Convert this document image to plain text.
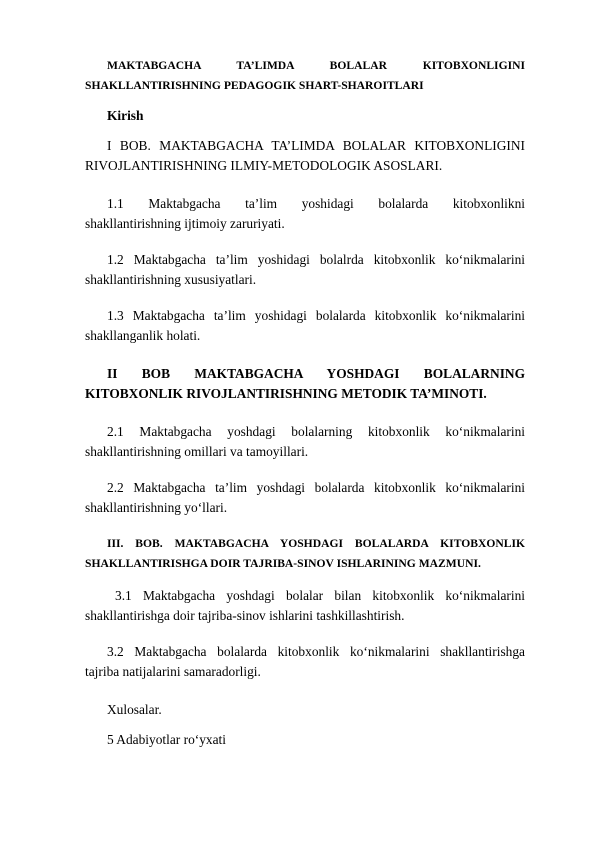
MAKTABGACHA TA’LIMDA BOLALAR KITOBXONLIGINI
SHAKLLANTIRISHNING PEDAGOGIK SHART-SHAROITLARI

Kirish

I BOB. MAKTABGACHA TA’LIMDA BOLALAR KITOBXONLIGINI
RIVOJLANTIRISHNING ILMIY-METODOLOGIK ASOSLARI.
1.1 Maktabgacha ta’lim yoshidagi bolalarda kitobxonlikni
shakllantirishning ijtimoiy zaruriyati.
1.2 Maktabgacha ta’lim yoshidagi bolalrda kitobxonlik ko‘nikmalarini
shakllantirishning xususiyatlari.
1.3 Maktabgacha ta’lim yoshidagi bolalarda kitobxonlik ko‘nikmalarini
shakllanganlik holati.
II BOB MAKTABGACHA YOSHDAGI BOLALARNING
KITOBXONLIK RIVOJLANTIRISHNING METODIK TA’MINOTI.
2.1 Maktabgacha yoshdagi bolalarning kitobxonlik ko‘nikmalarini
shakllantirishning omillari va tamoyillari.
2.2 Maktabgacha ta’lim yoshdagi bolalarda kitobxonlik ko‘nikmalarini
shakllantirishning yo‘llari.
III. BOB. MAKTABGACHA YOSHDAGI BOLALARDA KITOBXONLIK
SHAKLLANTIRISHGA DOIR TAJRIBA-SINOV ISHLARINING MAZMUNI.
3.1 Maktabgacha yoshdagi bolalar bilan kitobxonlik ko‘nikmalarini
shakllantirishga doir tajriba-sinov ishlarini tashkillashtirish.
3.2 Maktabgacha bolalarda kitobxonlik ko‘nikmalarini shakllantirishga
tajriba natijalarini samaradorligi.

Xulosalar.

5 Adabiyotlar ro‘yxati
